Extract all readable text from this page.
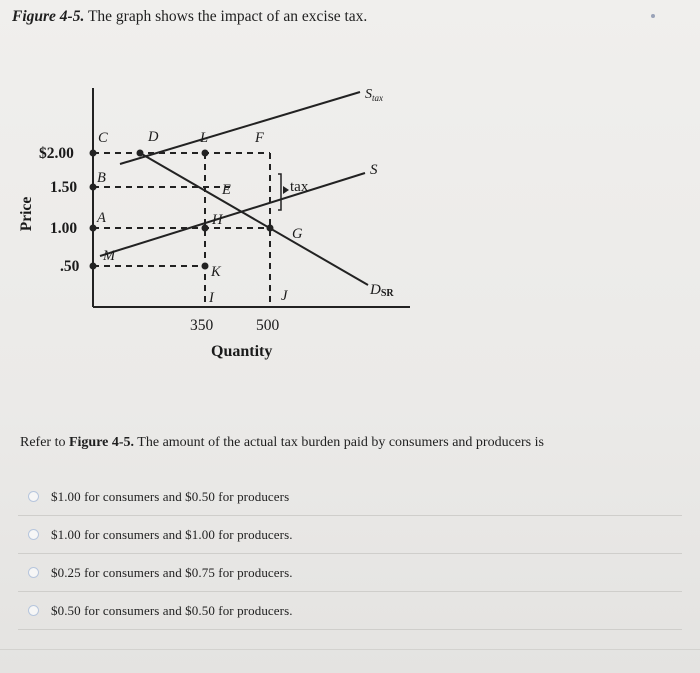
Figure 4-5. The graph shows the impact of an excise tax.
tax
$2.00
1.50
1.00
.50
Price
350	500
Quantity
C	D	L	F
B
E
A	H
G
M
K
I	J
$S_{tax}$
S
DSR
Refer to Figure 4-5. The amount of the actual tax burden paid by consumers and producers is
$1.00 for consumers and $0.50 for producers
$1.00 for consumers and $1.00 for producers.
$0.25 for consumers and $0.75 for producers.
$0.50 for consumers and $0.50 for producers.
